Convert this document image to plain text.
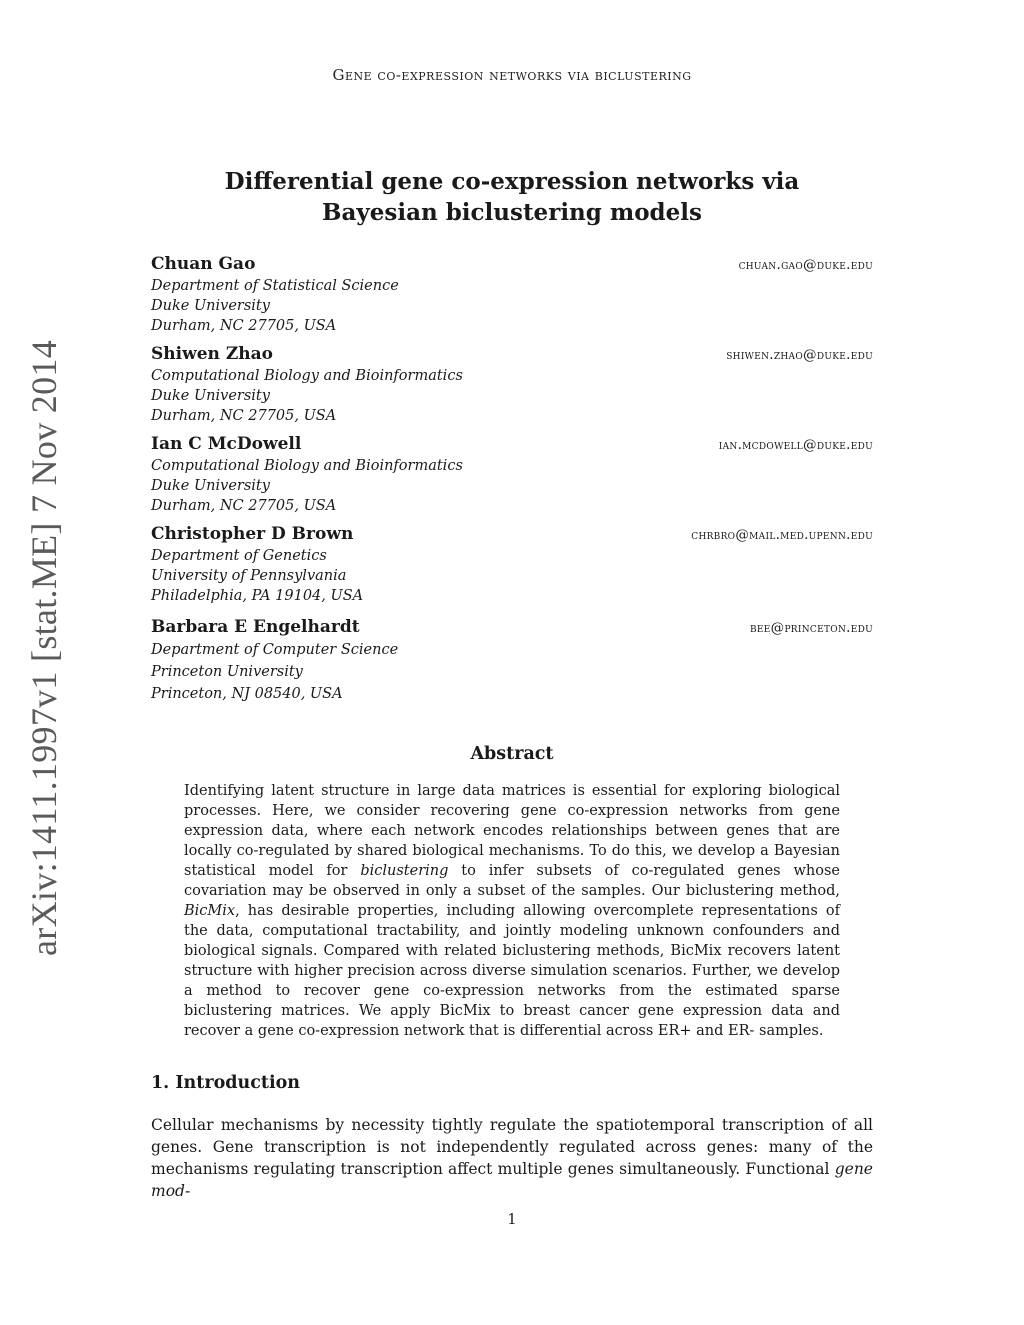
Gene co-expression networks via biclustering
arXiv:1411.1997v1 [stat.ME] 7 Nov 2014
Differential gene co-expression networks via
Bayesian biclustering models
Chuan Gao	chuan.gao@duke.edu
Department of Statistical Science
Duke University
Durham, NC 27705, USA
Shiwen Zhao	shiwen.zhao@duke.edu
Computational Biology and Bioinformatics
Duke University
Durham, NC 27705, USA
Ian C McDowell	ian.mcdowell@duke.edu
Computational Biology and Bioinformatics
Duke University
Durham, NC 27705, USA
Christopher D Brown	chrbro@mail.med.upenn.edu
Department of Genetics
University of Pennsylvania
Philadelphia, PA 19104, USA
Barbara E Engelhardt	bee@princeton.edu
Department of Computer Science
Princeton University
Princeton, NJ 08540, USA
Abstract
Identifying latent structure in large data matrices is essential for exploring biological processes. Here, we consider recovering gene co-expression networks from gene expression data, where each network encodes relationships between genes that are locally co-regulated by shared biological mechanisms. To do this, we develop a Bayesian statistical model for biclustering to infer subsets of co-regulated genes whose covariation may be observed in only a subset of the samples. Our biclustering method, BicMix, has desirable properties, including allowing overcomplete representations of the data, computational tractability, and jointly modeling unknown confounders and biological signals. Compared with related biclustering methods, BicMix recovers latent structure with higher precision across diverse simulation scenarios. Further, we develop a method to recover gene co-expression networks from the estimated sparse biclustering matrices. We apply BicMix to breast cancer gene expression data and recover a gene co-expression network that is differential across ER+ and ER- samples.
1. Introduction
Cellular mechanisms by necessity tightly regulate the spatiotemporal transcription of all genes. Gene transcription is not independently regulated across genes: many of the mechanisms regulating transcription affect multiple genes simultaneously. Functional gene mod-
1
